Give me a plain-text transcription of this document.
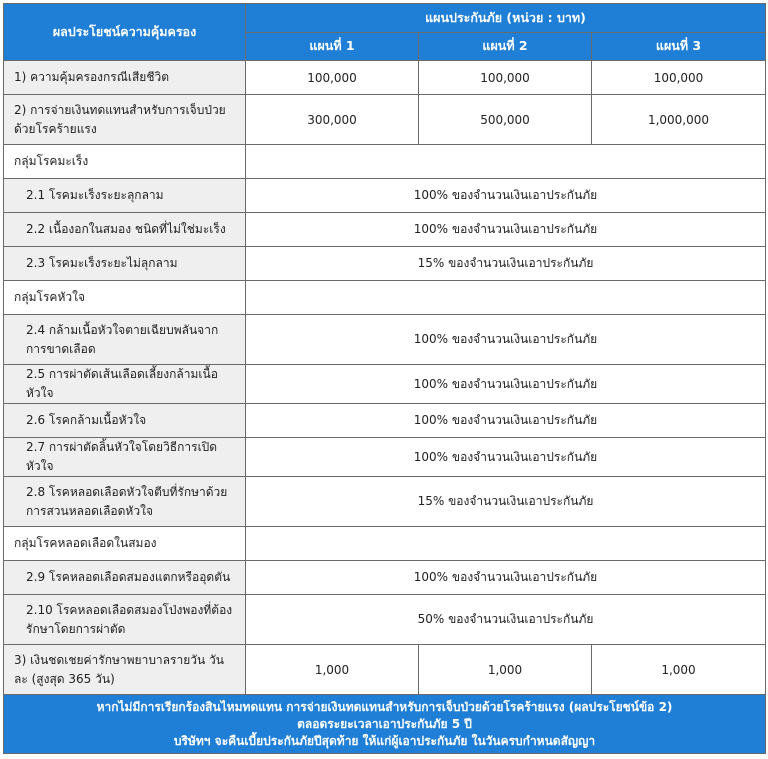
ผลประโยชน์ความคุ้มครอง	แผนประกันภัย (หน่วย : บาท)		
	แผนที่ 1	แผนที่ 2	แผนที่ 3
1) ความคุ้มครองกรณีเสียชีวิต	100,000	100,000	100,000
2) การจ่ายเงินทดแทนสำหรับการเจ็บป่วยด้วยโรคร้ายแรง	300,000	500,000	1,000,000
กลุ่มโรคมะเร็ง			
2.1 โรคมะเร็งระยะลุกลาม	100% ของจำนวนเงินเอาประกันภัย		
2.2 เนื้องอกในสมอง ชนิดที่ไม่ใช่มะเร็ง	100% ของจำนวนเงินเอาประกันภัย		
2.3 โรคมะเร็งระยะไม่ลุกลาม	15% ของจำนวนเงินเอาประกันภัย		
กลุ่มโรคหัวใจ			
2.4 กล้ามเนื้อหัวใจตายเฉียบพลันจากการขาดเลือด	100% ของจำนวนเงินเอาประกันภัย		
2.5 การผ่าตัดเส้นเลือดเลี้ยงกล้ามเนื้อหัวใจ	100% ของจำนวนเงินเอาประกันภัย		
2.6 โรคกล้ามเนื้อหัวใจ	100% ของจำนวนเงินเอาประกันภัย		
2.7 การผ่าตัดลิ้นหัวใจโดยวิธีการเปิดหัวใจ	100% ของจำนวนเงินเอาประกันภัย		
2.8 โรคหลอดเลือดหัวใจตีบที่รักษาด้วยการสวนหลอดเลือดหัวใจ	15% ของจำนวนเงินเอาประกันภัย		
กลุ่มโรคหลอดเลือดในสมอง			
2.9 โรคหลอดเลือดสมองแตกหรืออุดตัน	100% ของจำนวนเงินเอาประกันภัย		
2.10 โรคหลอดเลือดสมองโป่งพองที่ต้องรักษาโดยการผ่าตัด	50% ของจำนวนเงินเอาประกันภัย		
3) เงินชดเชยค่ารักษาพยาบาลรายวัน วันละ (สูงสุด 365 วัน)	1,000	1,000	1,000

หากไม่มีการเรียกร้องสินไหมทดแทน การจ่ายเงินทดแทนสำหรับการเจ็บป่วยด้วยโรคร้ายแรง (ผลประโยชน์ข้อ 2)
ตลอดระยะเวลาเอาประกันภัย 5 ปี
บริษัทฯ จะคืนเบี้ยประกันภัยปีสุดท้าย ให้แก่ผู้เอาประกันภัย ในวันครบกำหนดสัญญา			
